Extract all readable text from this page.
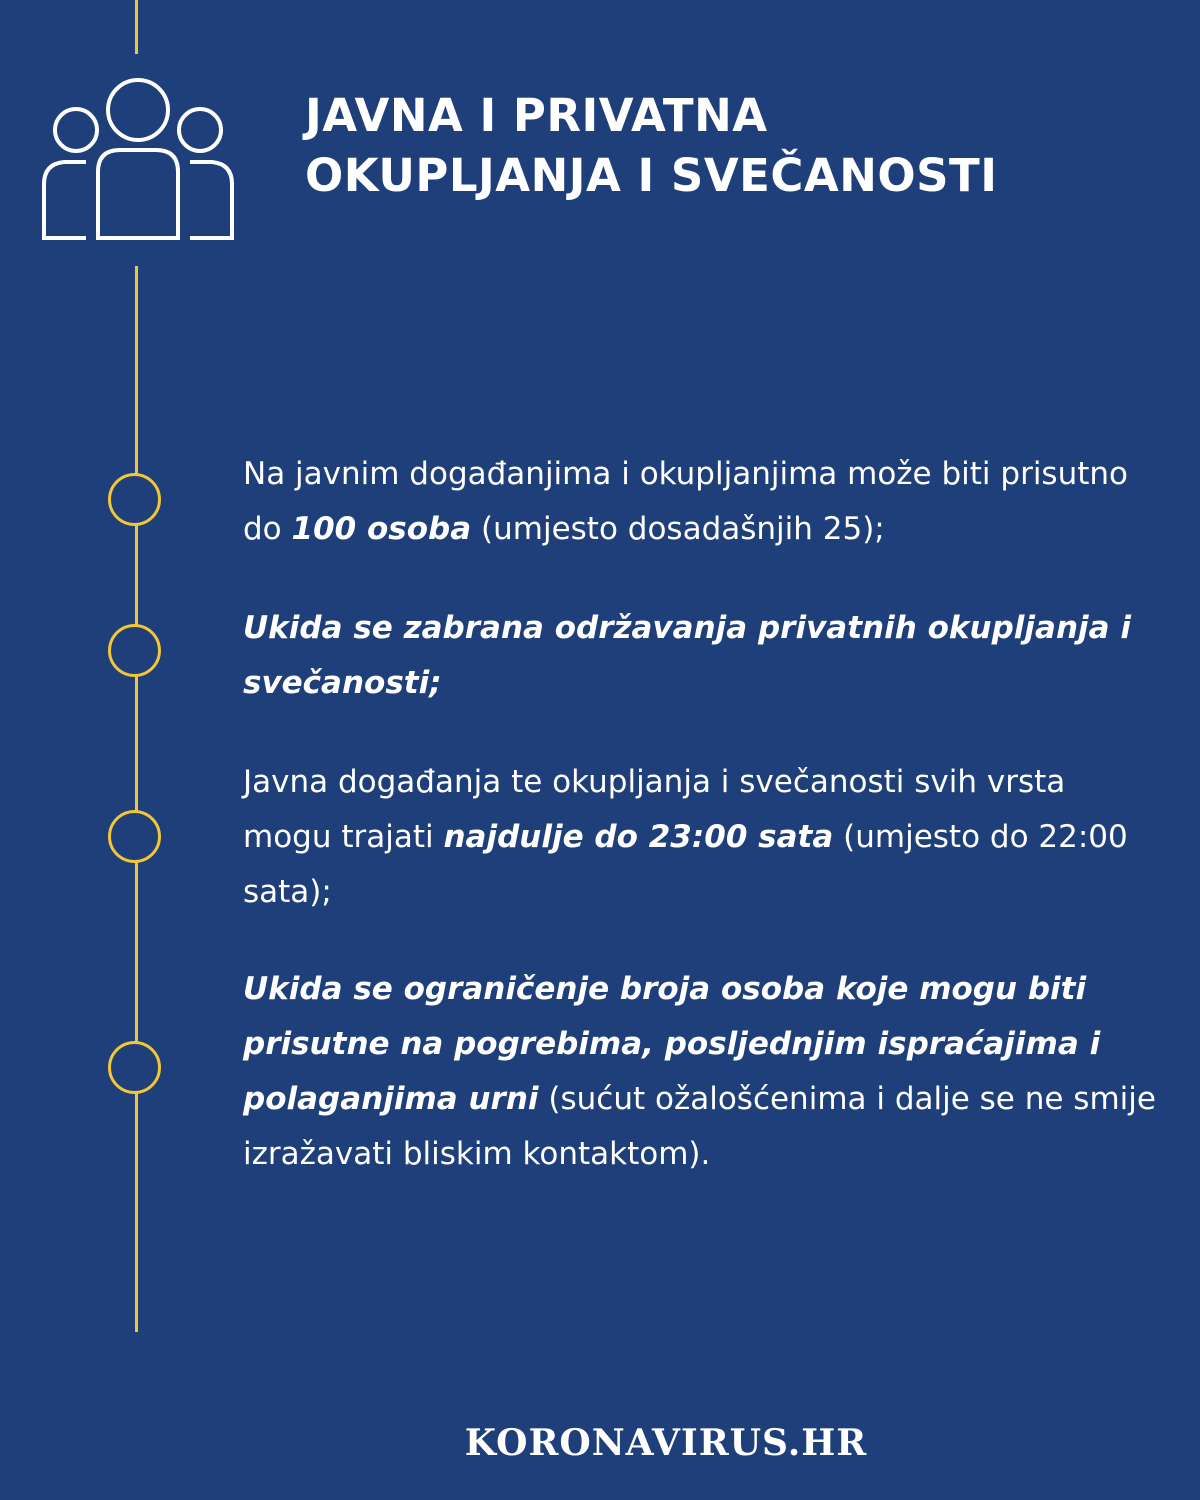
JAVNA I PRIVATNA
OKUPLJANJA I SVEČANOSTI
Na javnim događanjima i okupljanjima može biti prisutno do 100 osoba (umjesto dosadašnjih 25);
Ukida se zabrana održavanja privatnih okupljanja i svečanosti;
Javna događanja te okupljanja i svečanosti svih vrsta mogu trajati najdulje do 23:00 sata (umjesto do 22:00 sata);
Ukida se ograničenje broja osoba koje mogu biti prisutne na pogrebima, posljednjim ispraćajima i polaganjima urni (sućut ožalošćenima i dalje se ne smije izražavati bliskim kontaktom).
KORONAVIRUS.HR
